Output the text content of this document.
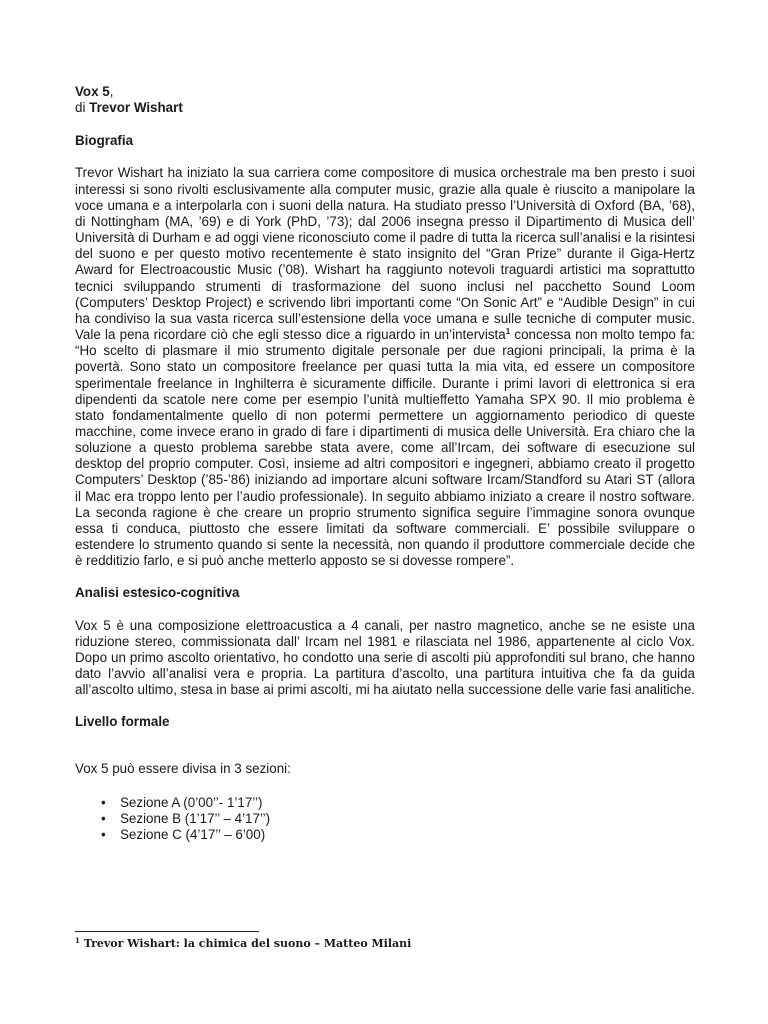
Vox 5,
di Trevor Wishart
Biografia

Trevor Wishart ha iniziato la sua carriera come compositore di musica orchestrale ma ben presto i suoi interessi si sono rivolti esclusivamente alla computer music, grazie alla quale è riuscito a manipolare la voce umana e a interpolarla con i suoni della natura. Ha studiato presso l’Università di Oxford (BA, ’68), di Nottingham (MA, ’69) e di York (PhD, ’73); dal 2006 insegna presso il Dipartimento di Musica dell’ Università di Durham e ad oggi viene riconosciuto come il padre di tutta la ricerca sull’analisi e la risintesi del suono e per questo motivo recentemente è stato insignito del “Gran Prize” durante il Giga-Hertz Award for Electroacoustic Music (’08). Wishart ha raggiunto notevoli traguardi artistici ma soprattutto tecnici sviluppando strumenti di trasformazione del suono inclusi nel pacchetto Sound Loom (Computers’ Desktop Project) e scrivendo libri importanti come “On Sonic Art” e “Audible Design” in cui ha condiviso la sua vasta ricerca sull’estensione della voce umana e sulle tecniche di computer music. Vale la pena ricordare ciò che egli stesso dice a riguardo in un’intervista$^1$ concessa non molto tempo fa: “Ho scelto di plasmare il mio strumento digitale personale per due ragioni principali, la prima è la povertà. Sono stato un compositore freelance per quasi tutta la mia vita, ed essere un compositore sperimentale freelance in Inghilterra è sicuramente difficile. Durante i primi lavori di elettronica si era dipendenti da scatole nere come per esempio l’unità multieffetto Yamaha SPX 90. Il mio problema è stato fondamentalmente quello di non potermi permettere un aggiornamento periodico di queste macchine, come invece erano in grado di fare i dipartimenti di musica delle Università. Era chiaro che la soluzione a questo problema sarebbe stata avere, come all’Ircam, dei software di esecuzione sul desktop del proprio computer. Così, insieme ad altri compositori e ingegneri, abbiamo creato il progetto Computers’ Desktop (’85-’86) iniziando ad importare alcuni software Ircam/Standford su Atari ST (allora il Mac era troppo lento per l’audio professionale). In seguito abbiamo iniziato a creare il nostro software. La seconda ragione è che creare un proprio strumento significa seguire l’immagine sonora ovunque essa ti conduca, piuttosto che essere limitati da software commerciali. E’ possibile sviluppare o estendere lo strumento quando si sente la necessità, non quando il produttore commerciale decide che è redditizio farlo, e si può anche metterlo apposto se si dovesse rompere”.

Analisi estesico-cognitiva

Vox 5 è una composizione elettroacustica a 4 canali, per nastro magnetico, anche se ne esiste una riduzione stereo, commissionata dall’ Ircam nel 1981 e rilasciata nel 1986, appartenente al ciclo Vox. Dopo un primo ascolto orientativo, ho condotto una serie di ascolti più approfonditi sul brano, che hanno dato l’avvio all’analisi vera e propria. La partitura d’ascolto, una partitura intuitiva che fa da guida all’ascolto ultimo, stesa in base ai primi ascolti, mi ha aiutato nella successione delle varie fasi analitiche.

Livello formale

Vox 5 può essere divisa in 3 sezioni:

• Sezione A (0’00’’- 1’17’’)
• Sezione B (1’17’’ – 4’17’’)
• Sezione C (4’17’’ – 6’00)
$^1$ Trevor Wishart: la chimica del suono – Matteo Milani
